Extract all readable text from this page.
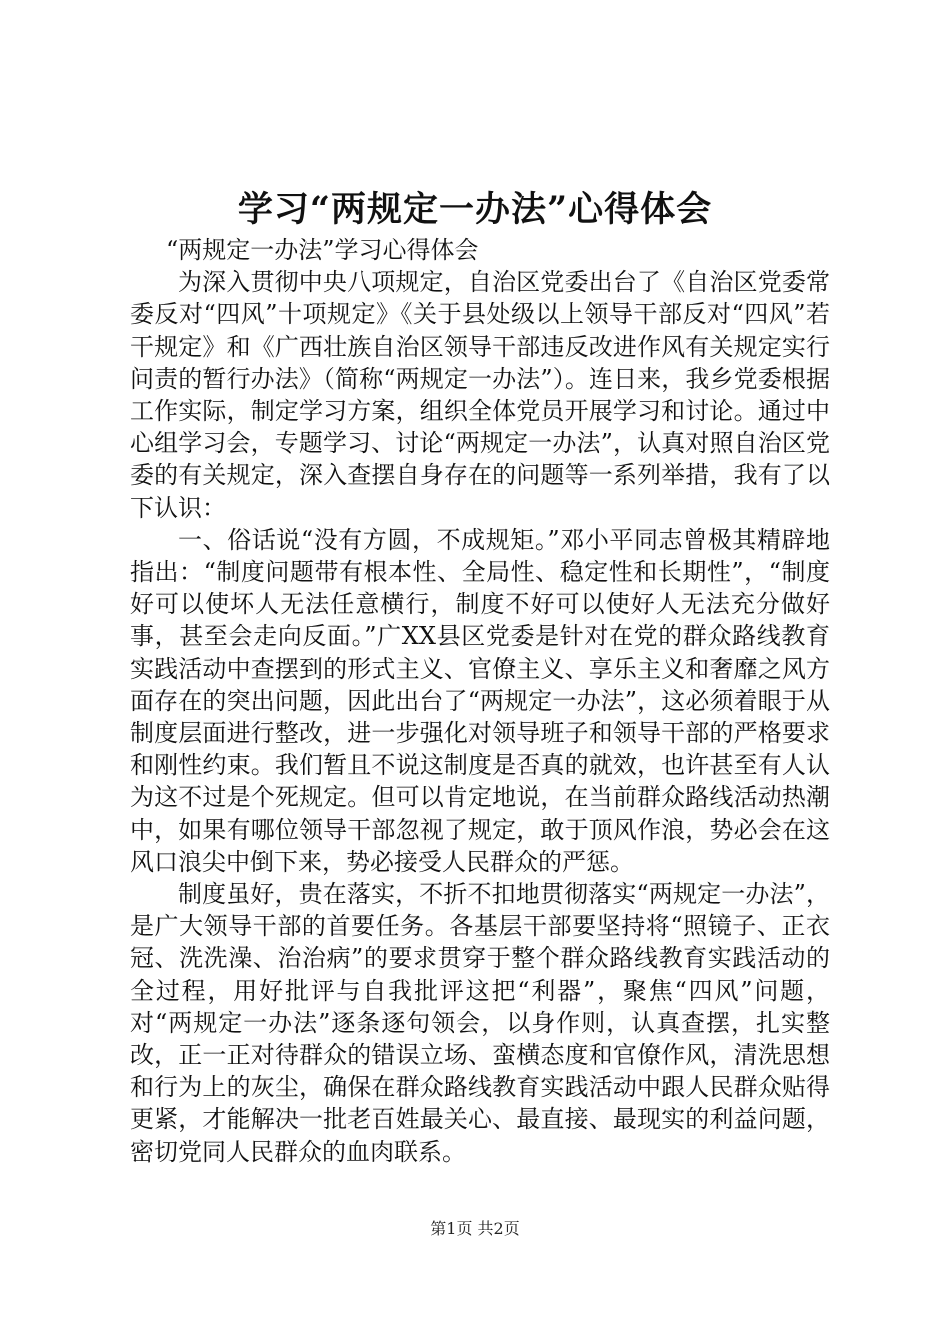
学习“两规定一办法”心得体会

“两规定一办法”学习心得体会

为深入贯彻中央八项规定，自治区党委出台了《自治区党委常委反对“四风”十项规定》《关于县处级以上领导干部反对“四风”若干规定》和《广西壮族自治区领导干部违反改进作风有关规定实行问责的暂行办法》（简称“两规定一办法”）。连日来，我乡党委根据工作实际，制定学习方案，组织全体党员开展学习和讨论。通过中心组学习会，专题学习、讨论“两规定一办法”，认真对照自治区党委的有关规定，深入查摆自身存在的问题等一系列举措，我有了以下认识：

一、俗话说“没有方圆，不成规矩。”邓小平同志曾极其精辟地指出：“制度问题带有根本性、全局性、稳定性和长期性”，“制度好可以使坏人无法任意横行，制度不好可以使好人无法充分做好事，甚至会走向反面。”广XX县区党委是针对在党的群众路线教育实践活动中查摆到的形式主义、官僚主义、享乐主义和奢靡之风方面存在的突出问题，因此出台了“两规定一办法”，这必须着眼于从制度层面进行整改，进一步强化对领导班子和领导干部的严格要求和刚性约束。我们暂且不说这制度是否真的就效，也许甚至有人认为这不过是个死规定。但可以肯定地说，在当前群众路线活动热潮中，如果有哪位领导干部忽视了规定，敢于顶风作浪，势必会在这风口浪尖中倒下来，势必接受人民群众的严惩。

制度虽好，贵在落实，不折不扣地贯彻落实“两规定一办法”，是广大领导干部的首要任务。各基层干部要坚持将“照镜子、正衣冠、洗洗澡、治治病”的要求贯穿于整个群众路线教育实践活动的全过程，用好批评与自我批评这把“利器”，聚焦“四风”问题，对“两规定一办法”逐条逐句领会，以身作则，认真查摆，扎实整改，正一正对待群众的错误立场、蛮横态度和官僚作风，清洗思想和行为上的灰尘，确保在群众路线教育实践活动中跟人民群众贴得更紧，才能解决一批老百姓最关心、最直接、最现实的利益问题，密切党同人民群众的血肉联系。

第1页 共2页
